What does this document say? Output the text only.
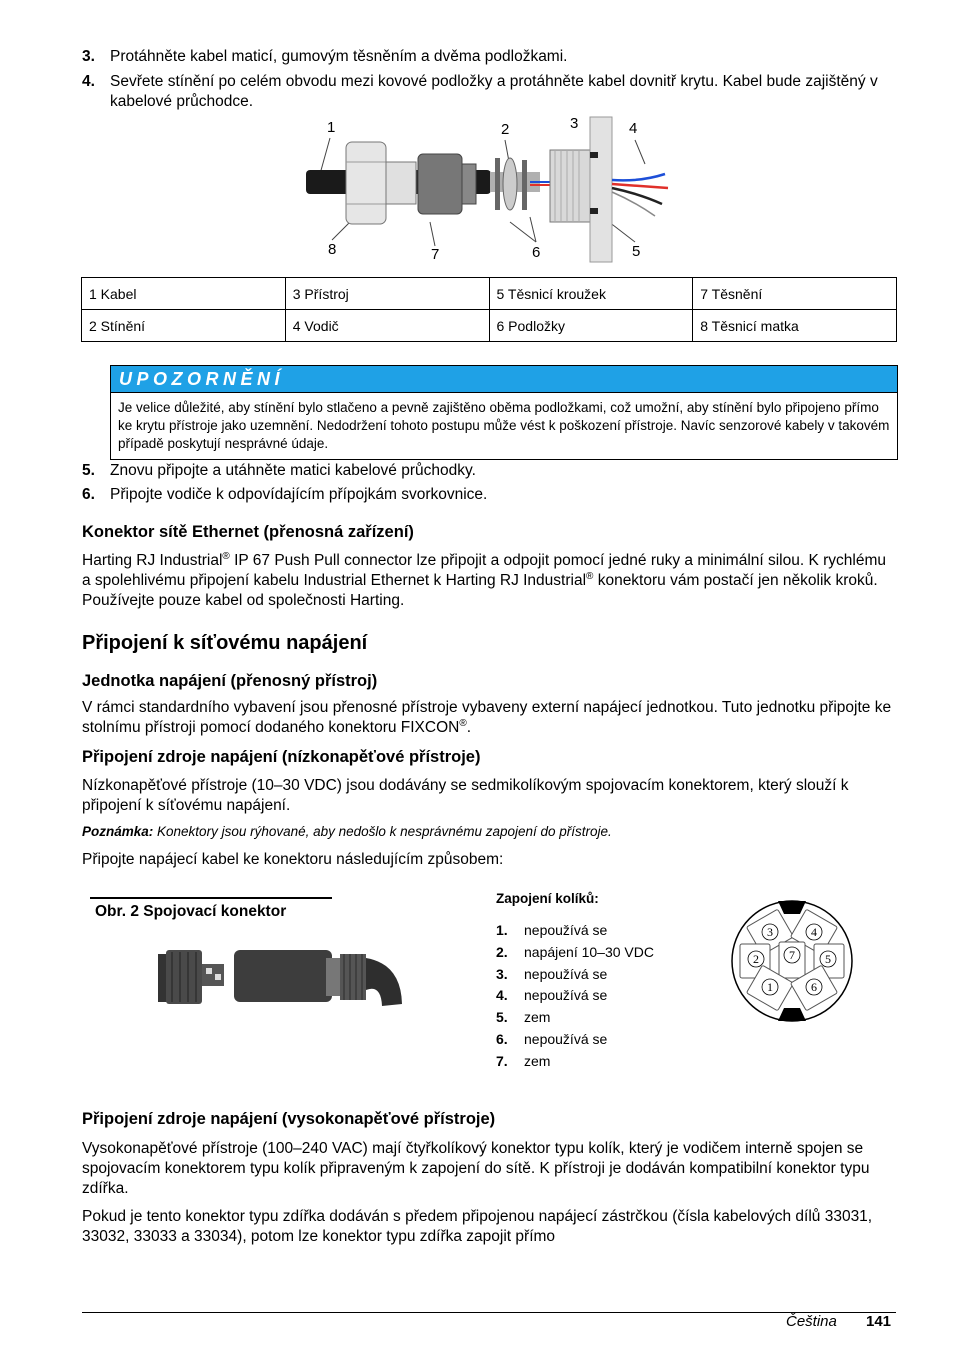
3. Protáhněte kabel maticí, gumovým těsněním a dvěma podložkami.
4. Sevřete stínění po celém obvodu mezi kovové podložky a protáhněte kabel dovnitř krytu. Kabel bude zajištěný v kabelové průchodce.
1	2	3	4
5
6
7
8
1 Kabel	3 Přístroj	5 Těsnicí kroužek	7 Těsnění
2 Stínění	4 Vodič	6 Podložky	8 Těsnicí matka
UPOZORNĚNÍ
Je velice důležité, aby stínění bylo stlačeno a pevně zajištěno oběma podložkami, což umožní, aby stínění bylo připojeno přímo ke krytu přístroje jako uzemnění. Nedodržení tohoto postupu může vést k poškození přístroje. Navíc senzorové kabely v takovém případě poskytují nesprávné údaje.
5. Znovu připojte a utáhněte matici kabelové průchodky.
6. Připojte vodiče k odpovídajícím přípojkám svorkovnice.
Konektor sítě Ethernet (přenosná zařízení)
Harting RJ Industrial® IP 67 Push Pull connector lze připojit a odpojit pomocí jedné ruky a minimální silou. K rychlému a spolehlivému připojení kabelu Industrial Ethernet k Harting RJ Industrial® konektoru vám postačí jen několik kroků. Používejte pouze kabel od společnosti Harting.
Připojení k síťovému napájení
Jednotka napájení (přenosný přístroj)
V rámci standardního vybavení jsou přenosné přístroje vybaveny externí napájecí jednotkou. Tuto jednotku připojte ke stolnímu přístroji pomocí dodaného konektoru FIXCON®.
Připojení zdroje napájení (nízkonapěťové přístroje)
Nízkonapěťové přístroje (10–30 VDC) jsou dodávány se sedmikolíkovým spojovacím konektorem, který slouží k připojení k síťovému napájení.
Poznámka: Konektory jsou rýhované, aby nedošlo k nesprávnému zapojení do přístroje.
Připojte napájecí kabel ke konektoru následujícím způsobem:
Obr. 2 Spojovací konektor
Zapojení kolíků:
1. nepoužívá se
2. napájení 10–30 VDC
3. nepoužívá se
4. nepoužívá se
5. zem
6. nepoužívá se
7. zem
3	4
2	7	5
1	6
Připojení zdroje napájení (vysokonapěťové přístroje)
Vysokonapěťové přístroje (100–240 VAC) mají čtyřkolíkový konektor typu kolík, který je vodičem interně spojen se spojovacím konektorem typu kolík připraveným k zapojení do sítě. K přístroji je dodáván kompatibilní konektor typu zdířka.
Pokud je tento konektor typu zdířka dodáván s předem připojenou napájecí zástrčkou (čísla kabelových dílů 33031, 33032, 33033 a 33034), potom lze konektor typu zdířka zapojit přímo
Čeština 141
